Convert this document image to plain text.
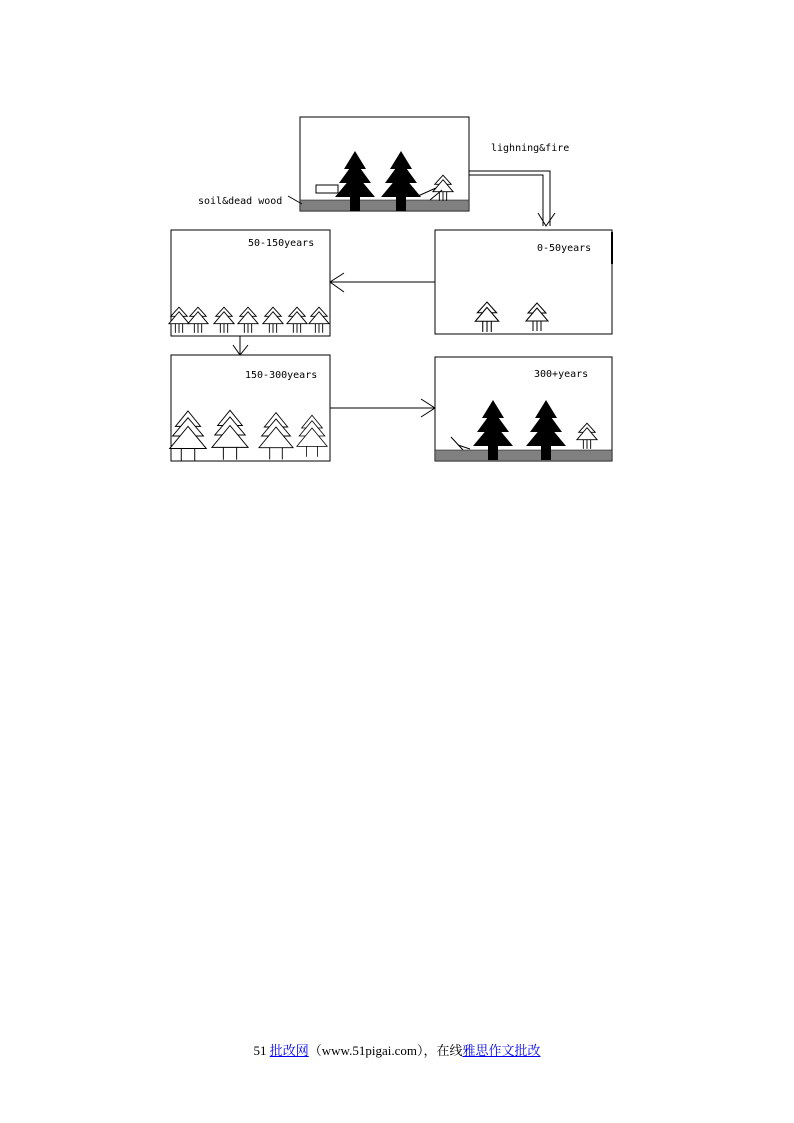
soil&dead wood
lighning&fire
0-50years
50-150years
150-300years	300+years
51 批改网（www.51pigai.com），在线雅思作文批改
